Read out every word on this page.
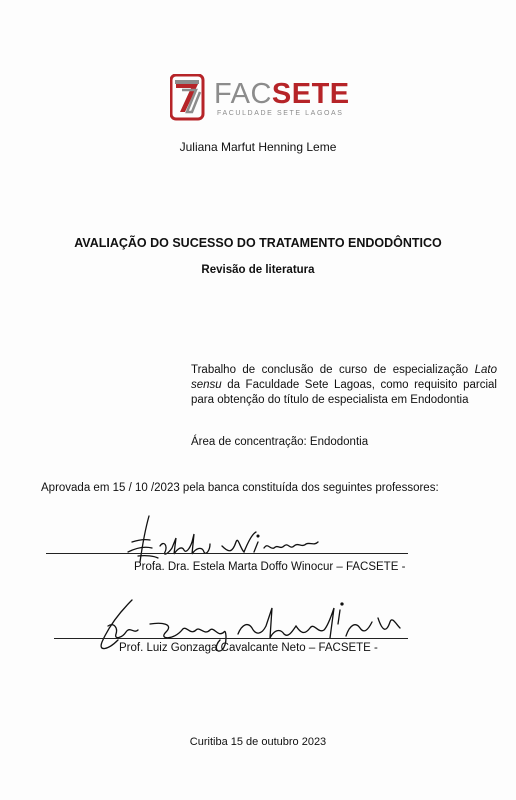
FACSETE
FACULDADE SETE LAGOAS
Juliana Marfut Henning Leme
AVALIAÇÃO DO SUCESSO DO TRATAMENTO ENDODÔNTICO
Revisão de literatura
Trabalho de conclusão de curso de especialização Lato sensu da Faculdade Sete Lagoas, como requisito parcial para obtenção do título de especialista em Endodontia
Área de concentração: Endodontia
Aprovada em 15 / 10 /2023 pela banca constituída dos seguintes professores:
Profa. Dra. Estela Marta Doffo Winocur – FACSETE -
Prof. Luiz Gonzaga Cavalcante Neto – FACSETE -
Curitiba 15 de outubro 2023
